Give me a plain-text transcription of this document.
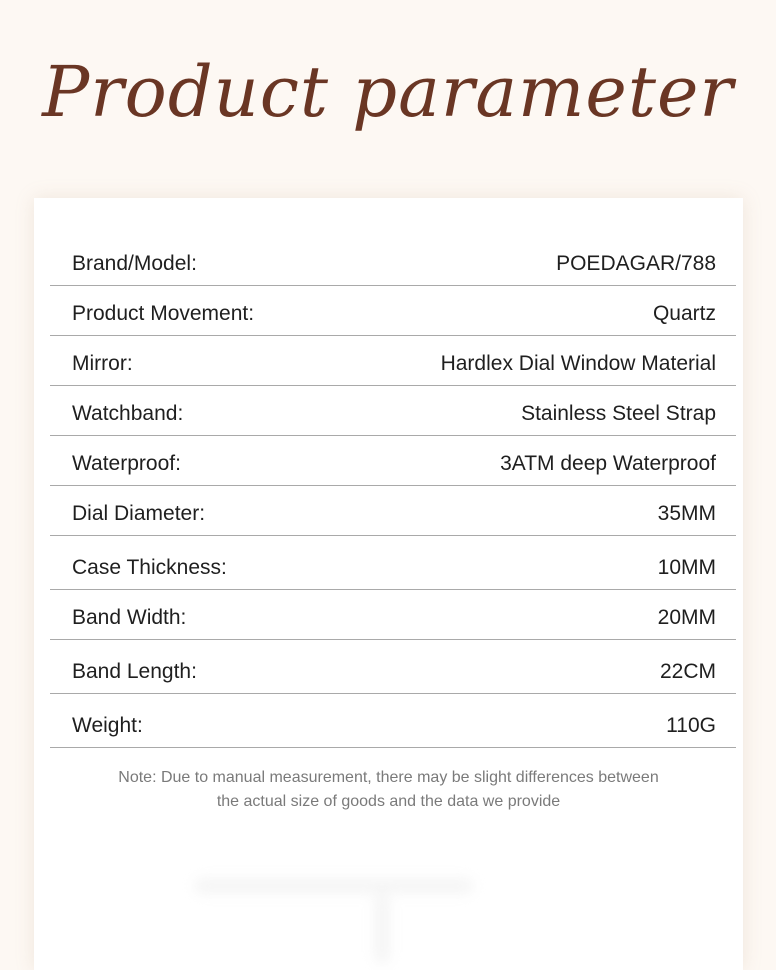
Product parameter
Brand/Model:	POEDAGAR/788
Product Movement:	Quartz
Mirror:	Hardlex Dial Window Material
Watchband:	Stainless Steel Strap
Waterproof:	3ATM deep Waterproof
Dial Diameter:	35MM
Case Thickness:	10MM
Band Width:	20MM
Band Length:	22CM
Weight:	110G
Note: Due to manual measurement, there may be slight differences between
the actual size of goods and the data we provide
